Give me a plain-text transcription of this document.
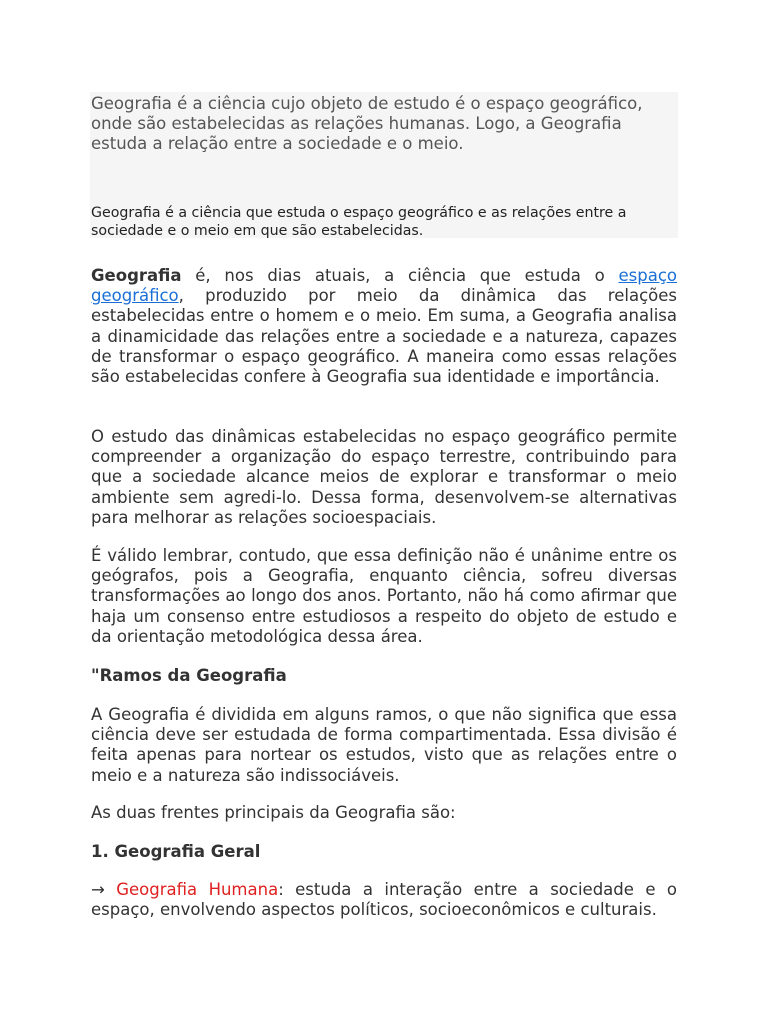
Geografia é a ciência cujo objeto de estudo é o espaço geográfico, onde são estabelecidas as relações humanas. Logo, a Geografia estuda a relação entre a sociedade e o meio.

Geografia é a ciência que estuda o espaço geográfico e as relações entre a sociedade e o meio em que são estabelecidas.

Geografia é, nos dias atuais, a ciência que estuda o espaço geográfico, produzido por meio da dinâmica das relações estabelecidas entre o homem e o meio. Em suma, a Geografia analisa a dinamicidade das relações entre a sociedade e a natureza, capazes de transformar o espaço geográfico. A maneira como essas relações são estabelecidas confere à Geografia sua identidade e importância.

O estudo das dinâmicas estabelecidas no espaço geográfico permite compreender a organização do espaço terrestre, contribuindo para que a sociedade alcance meios de explorar e transformar o meio ambiente sem agredi-lo. Dessa forma, desenvolvem-se alternativas para melhorar as relações socioespaciais.

É válido lembrar, contudo, que essa definição não é unânime entre os geógrafos, pois a Geografia, enquanto ciência, sofreu diversas transformações ao longo dos anos. Portanto, não há como afirmar que haja um consenso entre estudiosos a respeito do objeto de estudo e da orientação metodológica dessa área.

"Ramos da Geografia

A Geografia é dividida em alguns ramos, o que não significa que essa ciência deve ser estudada de forma compartimentada. Essa divisão é feita apenas para nortear os estudos, visto que as relações entre o meio e a natureza são indissociáveis.

As duas frentes principais da Geografia são:

1. Geografia Geral

→ Geografia Humana: estuda a interação entre a sociedade e o espaço, envolvendo aspectos políticos, socioeconômicos e culturais.
